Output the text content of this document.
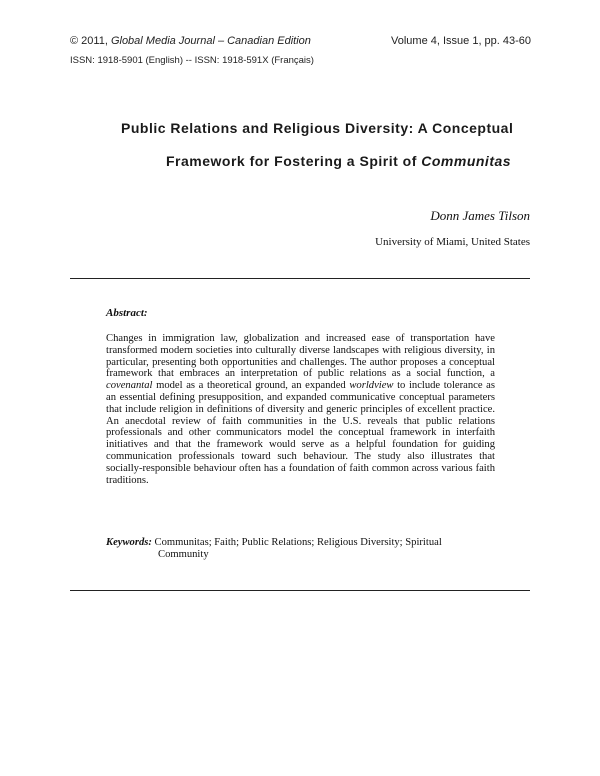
© 2011, Global Media Journal – Canadian Edition	Volume 4, Issue 1, pp. 43-60
ISSN: 1918-5901 (English) -- ISSN: 1918-591X (Français)
Public Relations and Religious Diversity: A Conceptual
Framework for Fostering a Spirit of Communitas
Donn James Tilson
University of Miami, United States
Abstract:

Changes in immigration law, globalization and increased ease of transportation have transformed modern societies into culturally diverse landscapes with religious diversity, in particular, presenting both opportunities and challenges. The author proposes a conceptual framework that embraces an interpretation of public relations as a social function, a covenantal model as a theoretical ground, an expanded worldview to include tolerance as an essential defining presupposition, and expanded communicative conceptual parameters that include religion in definitions of diversity and generic principles of excellent practice. An anecdotal review of faith communities in the U.S. reveals that public relations professionals and other communicators model the conceptual framework in interfaith initiatives and that the framework would serve as a helpful foundation for guiding communication professionals toward such behaviour. The study also illustrates that socially-responsible behaviour often has a foundation of faith common across various faith traditions.

Keywords: Communitas; Faith; Public Relations; Religious Diversity; Spiritual Community
